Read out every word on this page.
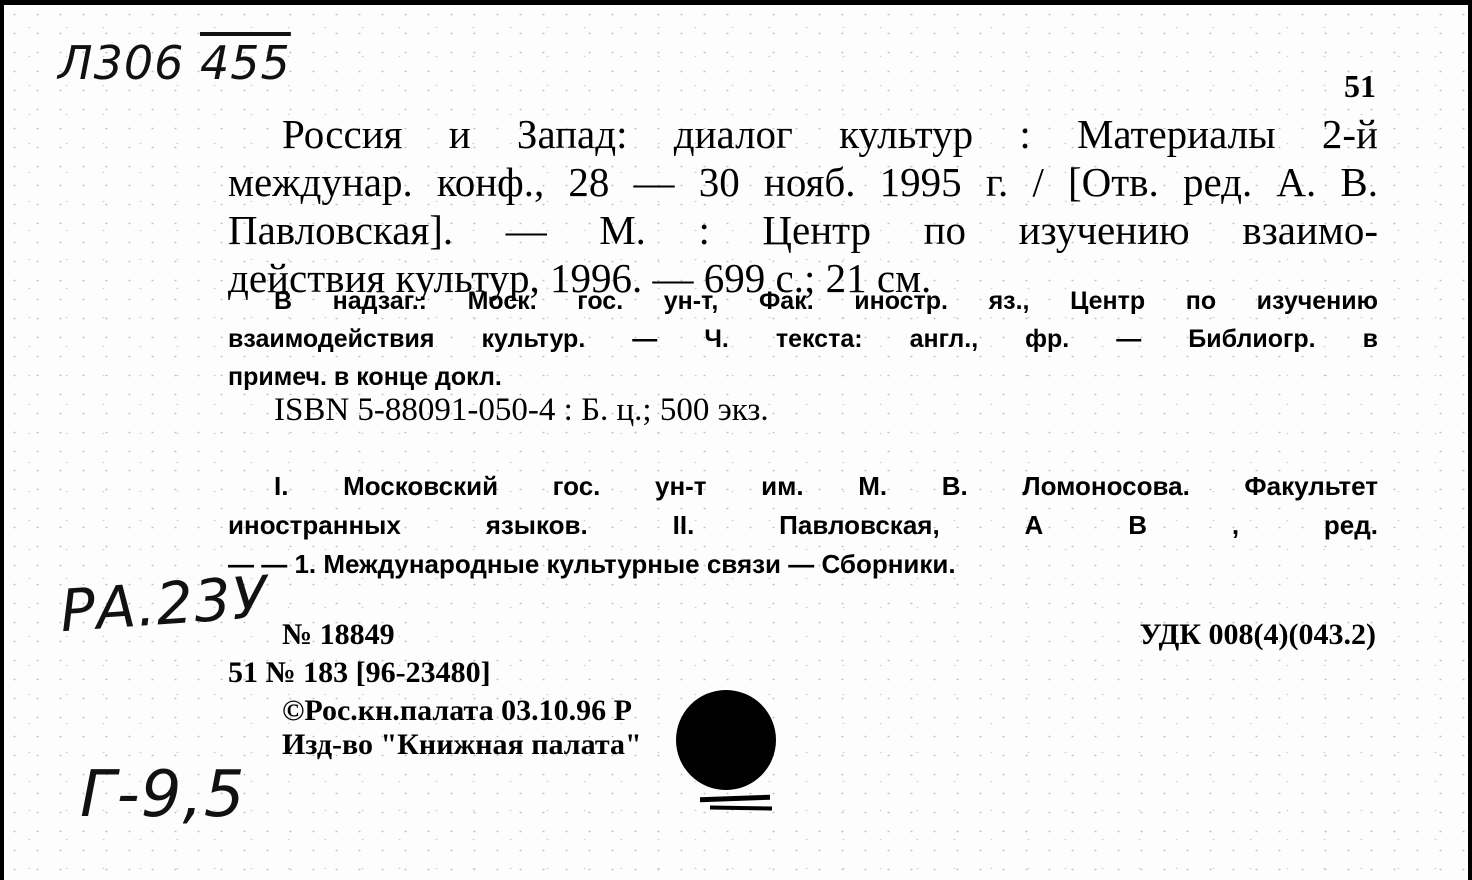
Л306 455	51
Россия и Запад: диалог культур : Материалы 2-й
междунар. конф., 28 — 30 нояб. 1995 г. / [Отв. ред. А. В.
Павловская]. — М. : Центр по изучению взаимо-
действия культур, 1996. — 699 с.; 21 см.
В надзаг.: Моск. гос. ун-т, Фак. иностр. яз., Центр по изучению
взаимодействия культур. — Ч. текста: англ., фр. — Библиогр. в
примеч. в конце докл.
ISBN 5-88091-050-4 : Б. ц.; 500 экз.
I. Московский гос. ун-т им. М. В. Ломоносова. Факультет
иностранных языков. II. Павловская, А В , ред.
— — 1. Международные культурные связи — Сборники.
РА.23У № 18849	УДК 008(4)(043.2)
51 № 183 [96-23480]
©Рос.кн.палата 03.10.96 Р
Изд-во "Книжная палата"
Г-9,5
